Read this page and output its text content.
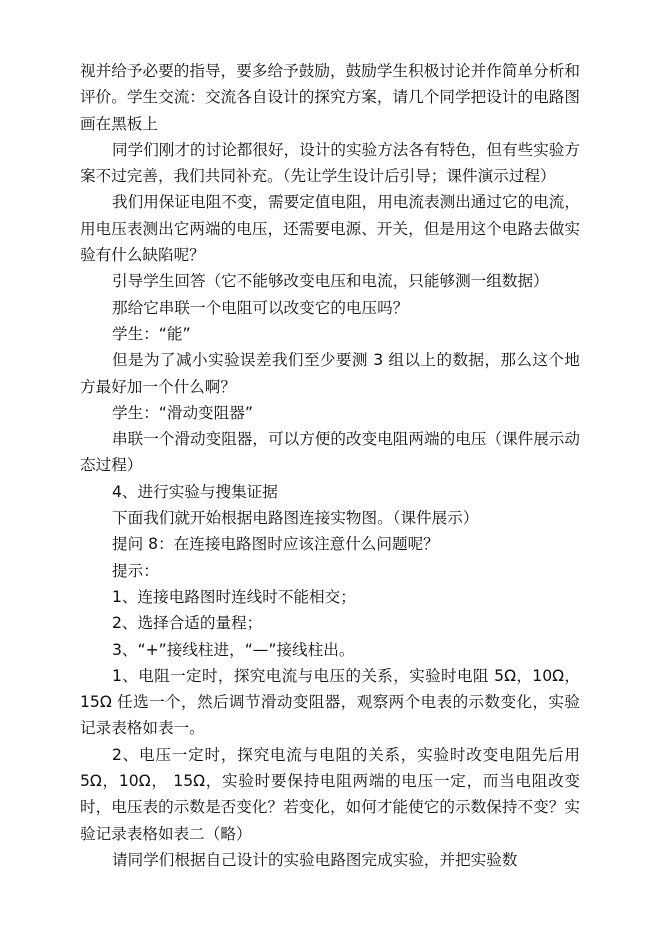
视并给予必要的指导，要多给予鼓励，鼓励学生积极讨论并作简单分析和评价。学生交流：交流各自设计的探究方案，请几个同学把设计的电路图画在黑板上

同学们刚才的讨论都很好，设计的实验方法各有特色，但有些实验方案不过完善，我们共同补充。（先让学生设计后引导；课件演示过程）

我们用保证电阻不变，需要定值电阻，用电流表测出通过它的电流，用电压表测出它两端的电压，还需要电源、开关，但是用这个电路去做实验有什么缺陷呢？

引导学生回答（它不能够改变电压和电流，只能够测一组数据）

那给它串联一个电阻可以改变它的电压吗？

学生：“能”

但是为了减小实验误差我们至少要测 3 组以上的数据，那么这个地方最好加一个什么啊？

学生：“滑动变阻器”

串联一个滑动变阻器，可以方便的改变电阻两端的电压（课件展示动态过程）

4、进行实验与搜集证据

下面我们就开始根据电路图连接实物图。（课件展示）

提问 8：在连接电路图时应该注意什么问题呢？

提示：

1、连接电路图时连线时不能相交；

2、选择合适的量程；

3、“+”接线柱进，“—”接线柱出。

1、电阻一定时，探究电流与电压的关系，实验时电阻 5Ω，10Ω，15Ω 任选一个，然后调节滑动变阻器，观察两个电表的示数变化，实验记录表格如表一。

2、电压一定时，探究电流与电阻的关系，实验时改变电阻先后用 5Ω，10Ω， 15Ω，实验时要保持电阻两端的电压一定，而当电阻改变时，电压表的示数是否变化？若变化，如何才能使它的示数保持不变？实验记录表格如表二（略）

请同学们根据自己设计的实验电路图完成实验，并把实验数
